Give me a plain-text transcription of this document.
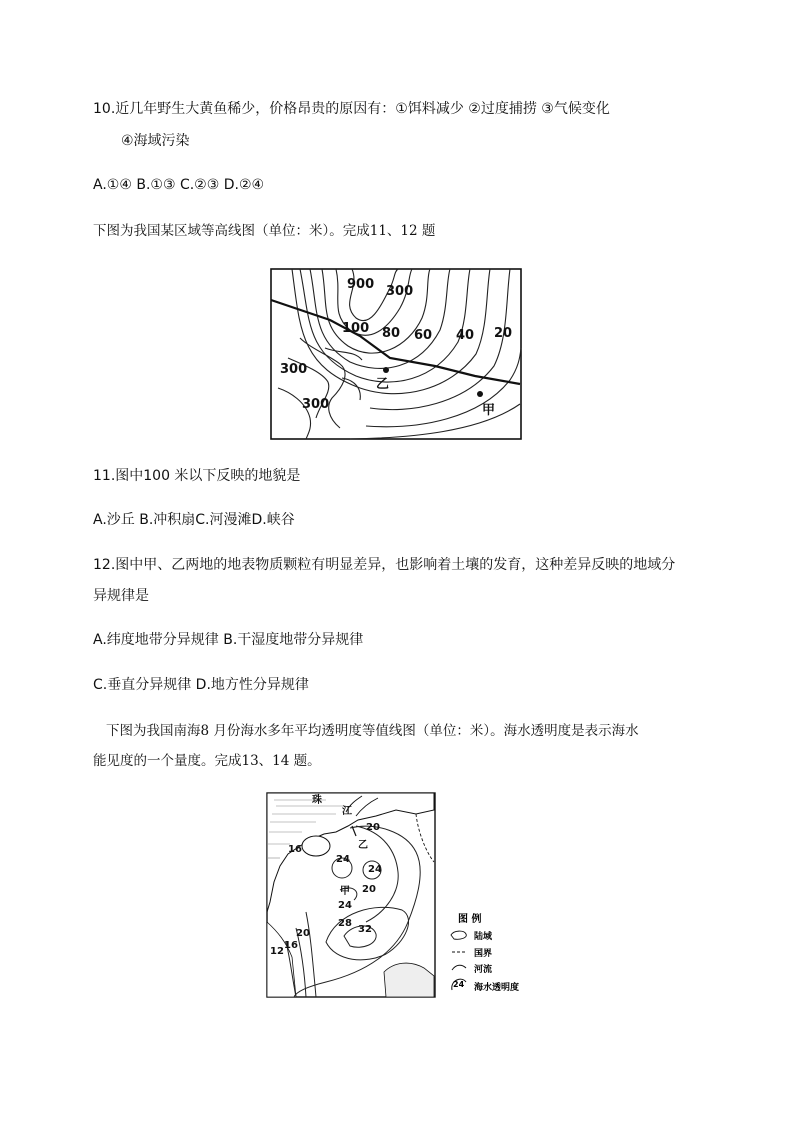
10.近几年野生大黄鱼稀少，价格昂贵的原因有：①饵料减少 ②过度捕捞 ③气候变化
④海域污染
A.①④ B.①③ C.②③ D.②④
下图为我国某区域等高线图（单位：米）。完成11、12 题
900 300
100 80 60 40 20
300
300
乙
甲
11.图中100 米以下反映的地貌是
A.沙丘 B.冲积扇C.河漫滩D.峡谷
12.图中甲、乙两地的地表物质颗粒有明显差异，也影响着土壤的发育，这种差异反映的地域分
异规律是
A.纬度地带分异规律 B.干湿度地带分异规律
C.垂直分异规律 D.地方性分异规律
下图为我国南海8 月份海水多年平均透明度等值线图（单位：米）。海水透明度是表示海水
能见度的一个量度。完成13、14 题。
珠
江
20
乙
16
24
24
甲 20
24
28
32
20
16
12
图 例
陆域
国界
河流
24 海水透明度
